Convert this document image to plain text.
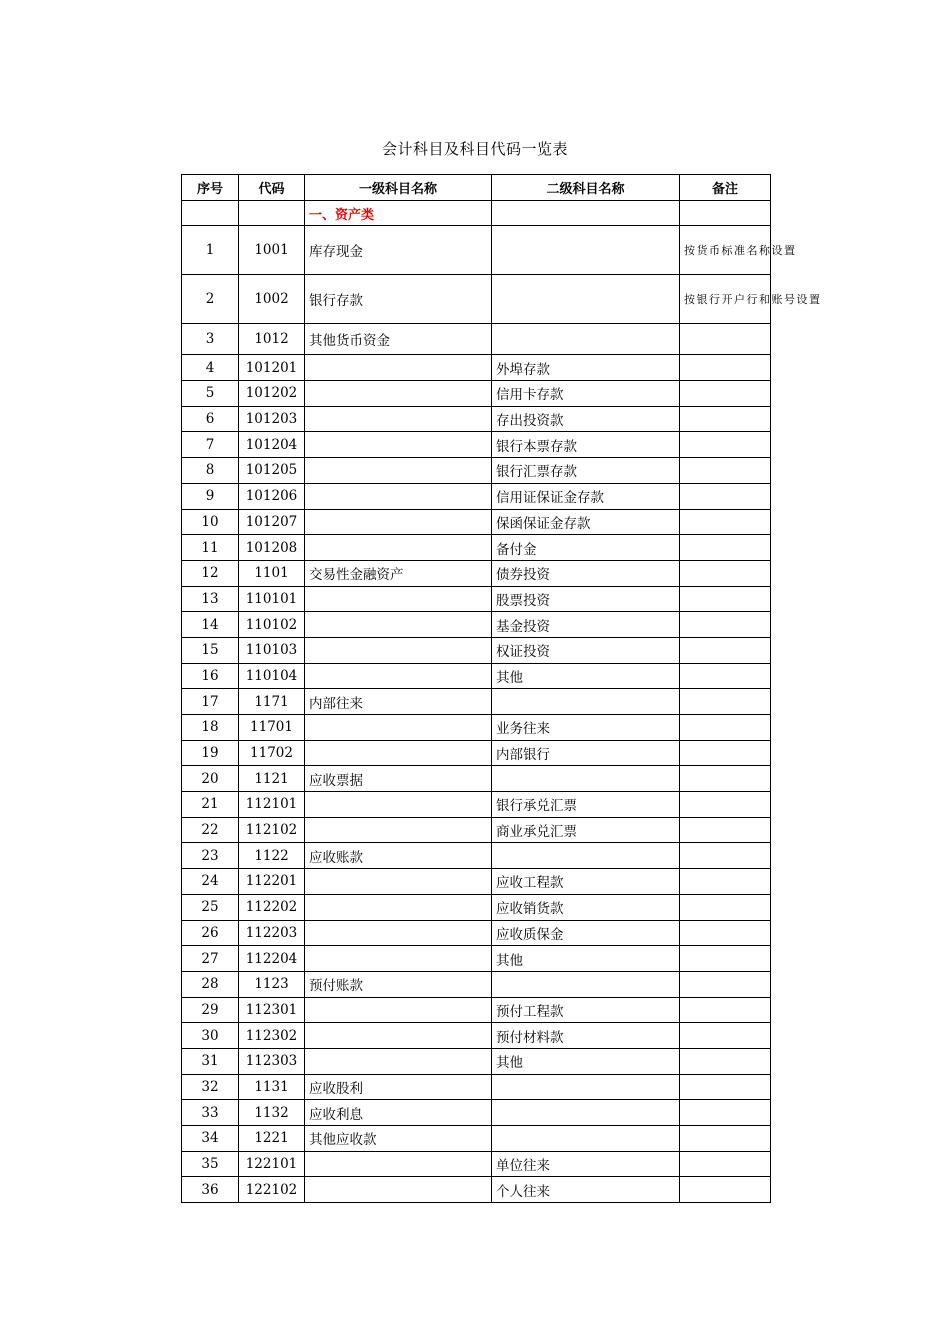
会计科目及科目代码一览表
序号	代码	一级科目名称	二级科目名称	备注
		一、资产类		
1	1001	库存现金		按货币标准名称设置
2	1002	银行存款		按银行开户行和账号设置
3	1012	其他货币资金		
4	101201		外埠存款	
5	101202		信用卡存款	
6	101203		存出投资款	
7	101204		银行本票存款	
8	101205		银行汇票存款	
9	101206		信用证保证金存款	
10	101207		保函保证金存款	
11	101208		备付金	
12	1101	交易性金融资产	债券投资	
13	110101		股票投资	
14	110102		基金投资	
15	110103		权证投资	
16	110104		其他	
17	1171	内部往来		
18	11701		业务往来	
19	11702		内部银行	
20	1121	应收票据		
21	112101		银行承兑汇票	
22	112102		商业承兑汇票	
23	1122	应收账款		
24	112201		应收工程款	
25	112202		应收销货款	
26	112203		应收质保金	
27	112204		其他	
28	1123	预付账款		
29	112301		预付工程款	
30	112302		预付材料款	
31	112303		其他	
32	1131	应收股利		
33	1132	应收利息		
34	1221	其他应收款		
35	122101		单位往来	
36	122102		个人往来	
